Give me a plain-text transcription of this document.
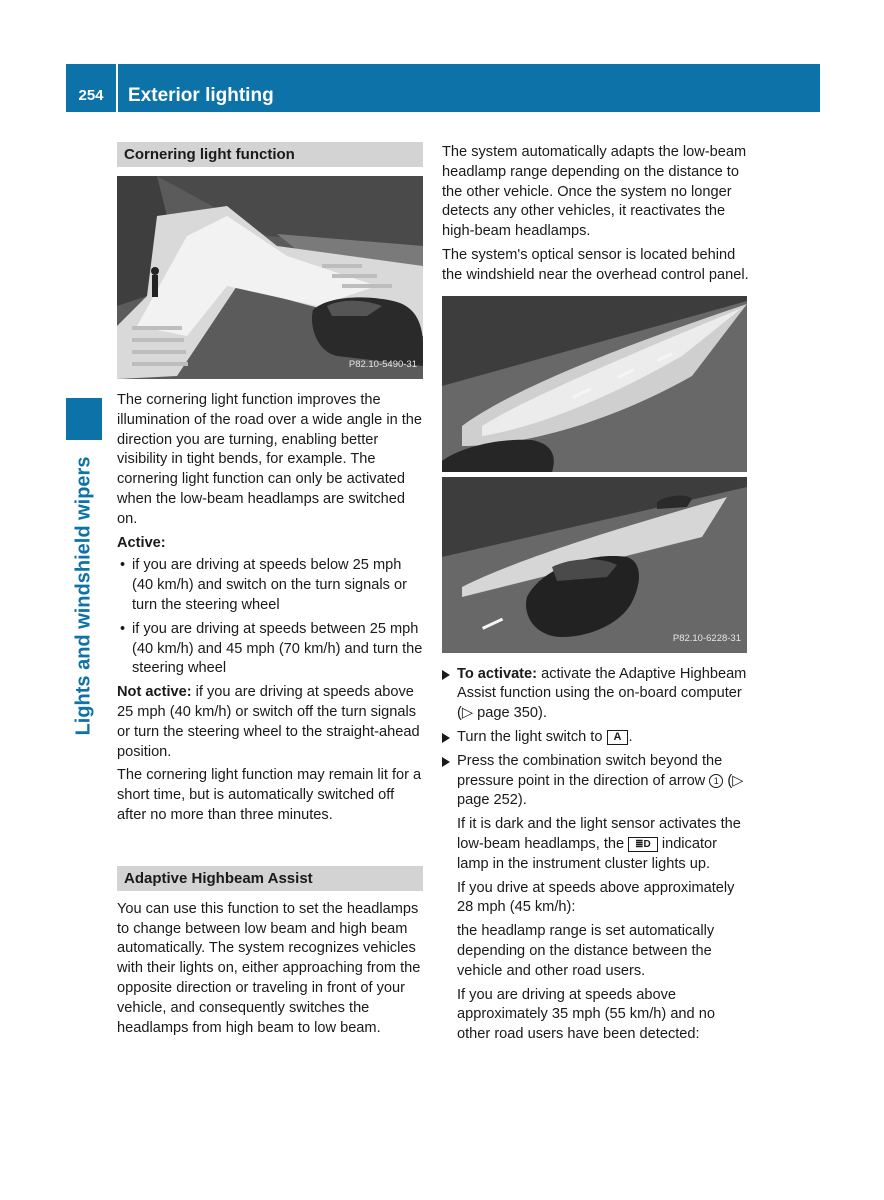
254	Exterior lighting
Lights and windshield wipers
Cornering light function
P82.10-5490-31

The cornering light function improves the illumination of the road over a wide angle in the direction you are turning, enabling better visibility in tight bends, for example. The cornering light function can only be activated when the low-beam headlamps are switched on.

Active:

• if you are driving at speeds below 25 mph (40 km/h) and switch on the turn signals or turn the steering wheel
• if you are driving at speeds between 25 mph (40 km/h) and 45 mph (70 km/h) and turn the steering wheel

Not active: if you are driving at speeds above 25 mph (40 km/h) or switch off the turn signals or turn the steering wheel to the straight-ahead position.

The cornering light function may remain lit for a short time, but is automatically switched off after no more than three minutes.

Adaptive Highbeam Assist

You can use this function to set the headlamps to change between low beam and high beam automatically. The system recognizes vehicles with their lights on, either approaching from the opposite direction or traveling in front of your vehicle, and consequently switches the headlamps from high beam to low beam.

The system automatically adapts the low-beam headlamp range depending on the distance to the other vehicle. Once the system no longer detects any other vehicles, it reactivates the high-beam headlamps.

The system's optical sensor is located behind the windshield near the overhead control panel.

P82.10-6228-31
To activate: activate the Adaptive Highbeam Assist function using the on-board computer (▷ page 350).
Turn the light switch to A .

Press the combination switch beyond the pressure point in the direction of arrow 1 (▷ page 252).

If it is dark and the light sensor activates the low-beam headlamps, the ≣D indicator lamp in the instrument cluster lights up.

If you drive at speeds above approximately 28 mph (45 km/h):

the headlamp range is set automatically depending on the distance between the vehicle and other road users.

If you are driving at speeds above approximately 35 mph (55 km/h) and no other road users have been detected:
